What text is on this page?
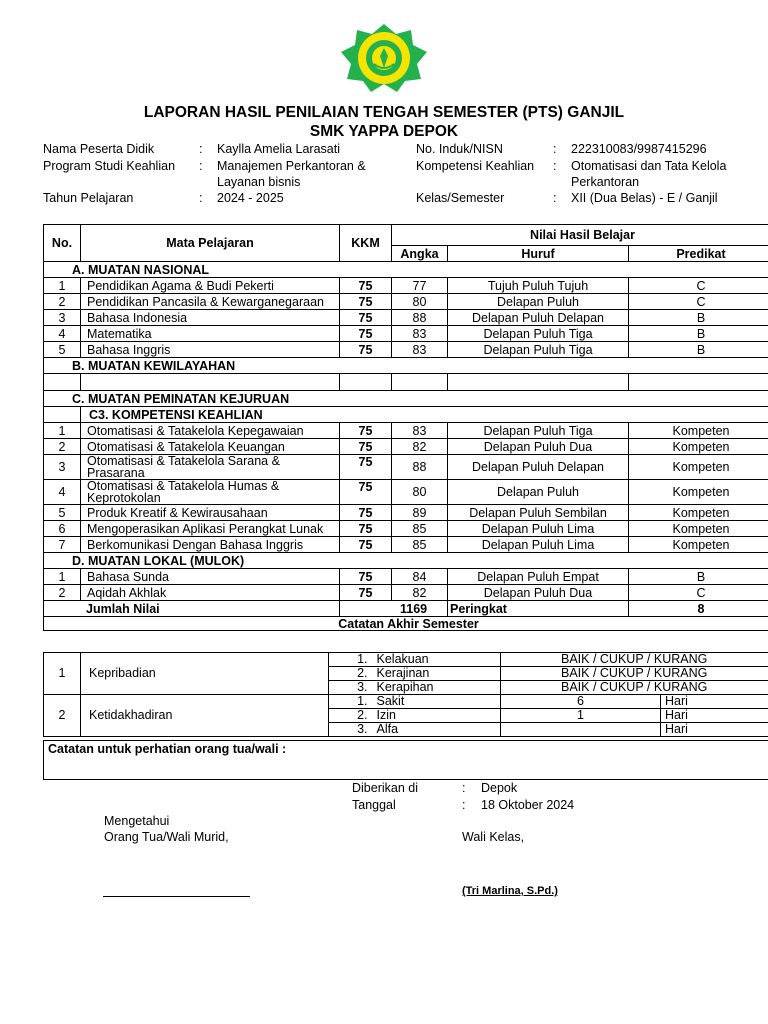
LAPORAN HASIL PENILAIAN TENGAH SEMESTER (PTS) GANJIL
SMK YAPPA DEPOK
Nama Peserta Didik	: Kaylla Amelia Larasati
Program Studi Keahlian : Manajemen Perkantoran &
Layanan bisnis
Tahun Pelajaran	: 2024 - 2025
No. Induk/NISN	: 222310083/9987415296
Kompetensi Keahlian : Otomatisasi dan Tata Kelola
Perkantoran
Kelas/Semester	: XII (Dua Belas) - E / Ganjil
No.	Mata Pelajaran	KKM	Nilai Hasil Belajar		
			Angka	Huruf	Predikat
A. MUATAN NASIONAL					
1	Pendidikan Agama & Budi Pekerti	75	77	Tujuh Puluh Tujuh	C
2	Pendidikan Pancasila & Kewarganegaraan	75	80	Delapan Puluh	C
3	Bahasa Indonesia	75	88	Delapan Puluh Delapan	B
4	Matematika	75	83	Delapan Puluh Tiga	B
5	Bahasa Inggris	75	83	Delapan Puluh Tiga	B
B. MUATAN KEWILAYAHAN					

C. MUATAN PEMINATAN KEJURUAN					
	C3. KOMPETENSI KEAHLIAN				
1	Otomatisasi & Tatakelola Kepegawaian	75	83	Delapan Puluh Tiga	Kompeten
2	Otomatisasi & Tatakelola Keuangan	75	82	Delapan Puluh Dua	Kompeten
3	Otomatisasi & Tatakelola Sarana &
Prasarana	75	88	Delapan Puluh Delapan	Kompeten
4	Otomatisasi & Tatakelola Humas &
Keprotokolan	75	80	Delapan Puluh	Kompeten
5	Produk Kreatif & Kewirausahaan	75	89	Delapan Puluh Sembilan	Kompeten
6	Mengoperasikan Aplikasi Perangkat Lunak	75	85	Delapan Puluh Lima	Kompeten
7	Berkomunikasi Dengan Bahasa Inggris	75	85	Delapan Puluh Lima	Kompeten
D. MUATAN LOKAL (MULOK)					
1	Bahasa Sunda	75	84	Delapan Puluh Empat	B
2	Aqidah Akhlak	75	82	Delapan Puluh Dua	C
Jumlah Nilai		1169		Peringkat	8
Catatan Akhir Semester					
1	Kepribadian	1.	Kelakuan	BAIK / CUKUP / KURANG	
		2.	Kerajinan	BAIK / CUKUP / KURANG	
		3.	Kerapihan	BAIK / CUKUP / KURANG	
2	Ketidakhadiran	1.	Sakit	6	Hari
		2.	Izin	1	Hari
		3.	Alfa		Hari
Catatan untuk perhatian orang tua/wali :
Diberikan di	: Depok
Tanggal	: 18 Oktober 2024
Mengetahui
Orang Tua/Wali Murid,	Wali Kelas,
(Tri Marlina, S.Pd.)
